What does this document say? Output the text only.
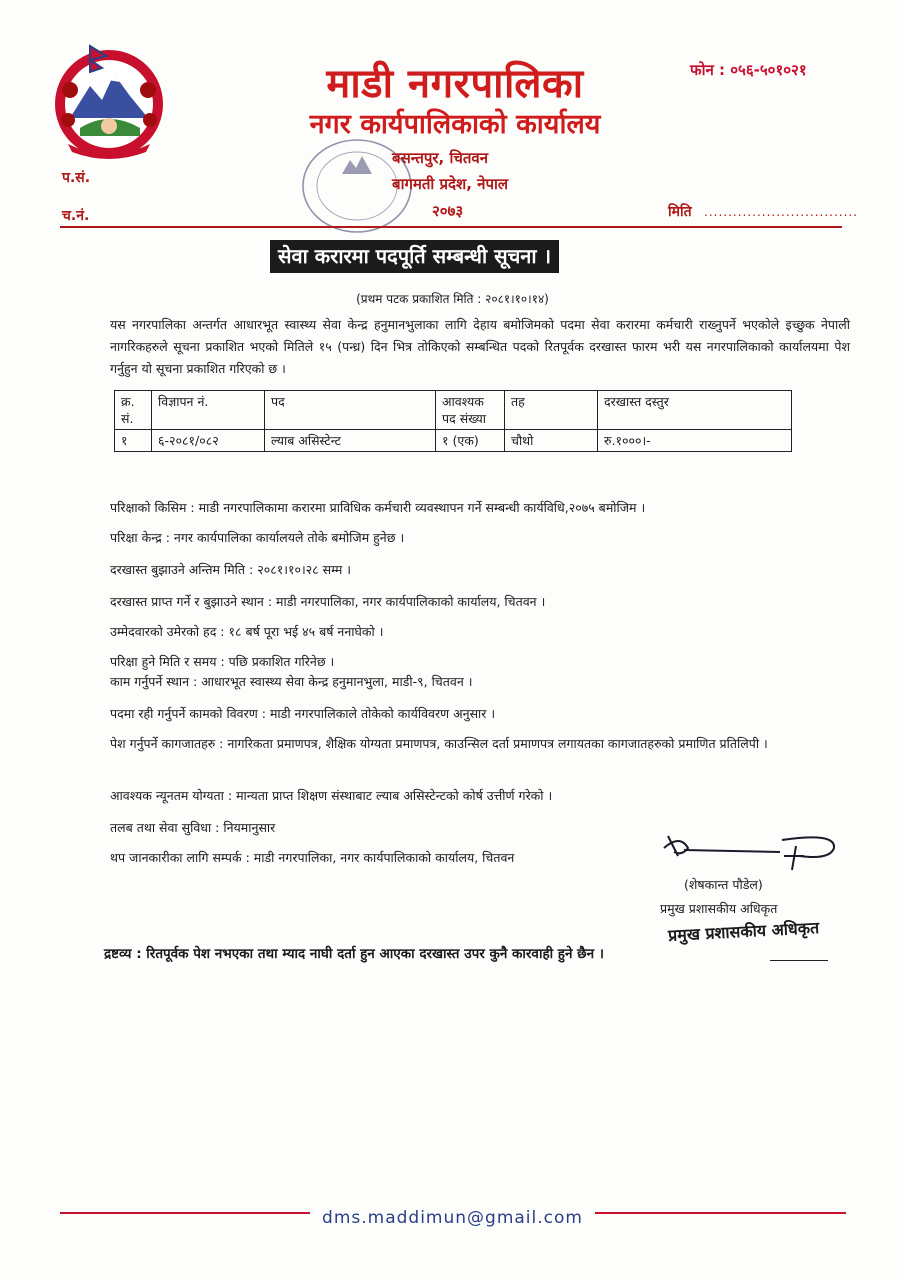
माडी नगरपालिका
नगर कार्यपालिकाको कार्यालय
फोन : ०५६-५०१०२१
बसन्तपुर, चितवन
बागमती प्रदेश, नेपाल
२०७३
प.सं.
च.नं.	मिति ................................
सेवा करारमा पदपूर्ति सम्बन्धी सूचना ।
(प्रथम पटक प्रकाशित मिति : २०८१।१०।१४)
यस नगरपालिका अन्तर्गत आधारभूत स्वास्थ्य सेवा केन्द्र हनुमानभुलाका लागि देहाय बमोजिमको पदमा सेवा करारमा कर्मचारी राख्नुपर्ने भएकोले इच्छुक नेपाली नागरिकहरुले सूचना प्रकाशित भएको मितिले १५ (पन्ध्र) दिन भित्र तोकिएको सम्बन्धित पदको रितपूर्वक दरखास्त फारम भरी यस नगरपालिकाको कार्यालयमा पेश गर्नुहुन यो सूचना प्रकाशित गरिएको छ ।
क्र. सं.	विज्ञापन नं.	पद	आवश्यक पद संख्या	तह	दरखास्त दस्तुर
१	६-२०८१/०८२	ल्याब असिस्टेन्ट	१ (एक)	चौथो	रु.१०००।-
परिक्षाको किसिम : माडी नगरपालिकामा करारमा प्राविधिक कर्मचारी व्यवस्थापन गर्ने सम्बन्धी कार्यविधि,२०७५ बमोजिम ।
परिक्षा केन्द्र : नगर कार्यपालिका कार्यालयले तोके बमोजिम हुनेछ ।
दरखास्त बुझाउने अन्तिम मिति : २०८१।१०।२८ सम्म ।
दरखास्त प्राप्त गर्ने र बुझाउने स्थान : माडी नगरपालिका, नगर कार्यपालिकाको कार्यालय, चितवन ।
उम्मेदवारको उमेरको हद : १८ बर्ष पूरा भई ४५ बर्ष ननाघेको ।
परिक्षा हुने मिति र समय : पछि प्रकाशित गरिनेछ ।
काम गर्नुपर्ने स्थान : आधारभूत स्वास्थ्य सेवा केन्द्र हनुमानभुला, माडी-९, चितवन ।
पदमा रही गर्नुपर्ने कामको विवरण : माडी नगरपालिकाले तोकेको कार्यविवरण अनुसार ।
पेश गर्नुपर्ने कागजातहरु : नागरिकता प्रमाणपत्र, शैक्षिक योग्यता प्रमाणपत्र, काउन्सिल दर्ता प्रमाणपत्र लगायतका कागजातहरुको प्रमाणित प्रतिलिपी ।
आवश्यक न्यूनतम योग्यता : मान्यता प्राप्त शिक्षण संस्थाबाट ल्याब असिस्टेन्टको कोर्ष उत्तीर्ण गरेको ।
तलब तथा सेवा सुविधा : नियमानुसार
थप जानकारीका लागि सम्पर्क : माडी नगरपालिका, नगर कार्यपालिकाको कार्यालय, चितवन
(शेषकान्त पौडेल)
प्रमुख प्रशासकीय अधिकृत
प्रमुख प्रशासकीय अधिकृत
द्रष्टव्य : रितपूर्वक पेश नभएका तथा म्याद नाघी दर्ता हुन आएका दरखास्त उपर कुनै कारवाही हुने छैन ।
dms.maddimun@gmail.com
